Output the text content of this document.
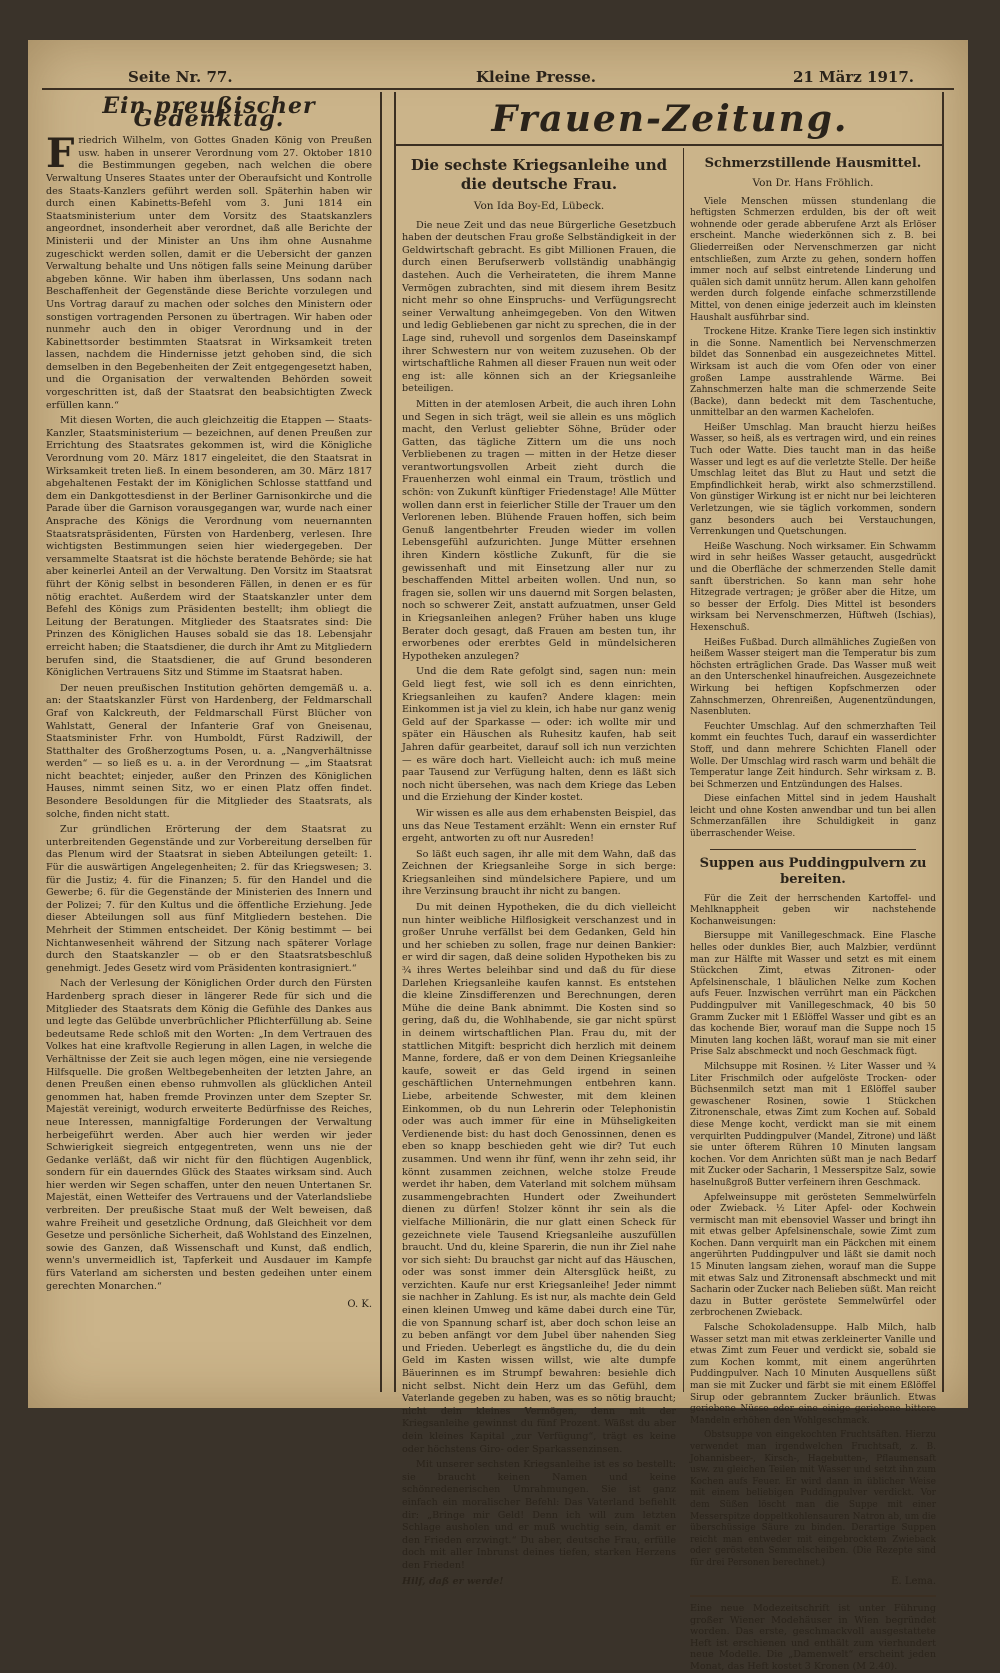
Seite Nr. 77.	Kleine Presse.	21 März 1917.
Frauen-Zeitung.
Ein preußischer Gedenktag.

Friedrich Wilhelm, von Gottes Gnaden König von Preußen usw. haben in unserer Verordnung vom 27. Oktober 1810 die Bestimmungen gegeben, nach welchen die obere Verwaltung Unseres Staates unter der Oberaufsicht und Kontrolle des Staats-Kanzlers geführt werden soll. Späterhin haben wir durch einen Kabinetts-Befehl vom 3. Juni 1814 ein Staatsministerium unter dem Vorsitz des Staatskanzlers angeordnet, insonderheit aber verordnet, daß alle Berichte der Ministerii und der Minister an Uns ihm ohne Ausnahme zugeschickt werden sollen, damit er die Uebersicht der ganzen Verwaltung behalte und Uns nötigen falls seine Meinung darüber abgeben könne. Wir haben ihm überlassen, Uns sodann nach Beschaffenheit der Gegenstände diese Berichte vorzulegen und Uns Vortrag darauf zu machen oder solches den Ministern oder sonstigen vortragenden Personen zu übertragen. Wir haben oder nunmehr auch den in obiger Verordnung und in der Kabinettsorder bestimmten Staatsrat in Wirksamkeit treten lassen, nachdem die Hindernisse jetzt gehoben sind, die sich demselben in den Begebenheiten der Zeit entgegengesetzt haben, und die Organisation der verwaltenden Behörden soweit vorgeschritten ist, daß der Staatsrat den beabsichtigten Zweck erfüllen kann.“

Mit diesen Worten, die auch gleichzeitig die Etappen — Staats-Kanzler, Staatsministerium — bezeichnen, auf denen Preußen zur Errichtung des Staatsrates gekommen ist, wird die Königliche Verordnung vom 20. März 1817 eingeleitet, die den Staatsrat in Wirksamkeit treten ließ. In einem besonderen, am 30. März 1817 abgehaltenen Festakt der im Königlichen Schlosse stattfand und dem ein Dankgottesdienst in der Berliner Garnisonkirche und die Parade über die Garnison vorausgegangen war, wurde nach einer Ansprache des Königs die Verordnung vom neuernannten Staatsratspräsidenten, Fürsten von Hardenberg, verlesen. Ihre wichtigsten Bestimmungen seien hier wiedergegeben. Der versammelte Staatsrat ist die höchste beratende Behörde; sie hat aber keinerlei Anteil an der Verwaltung. Den Vorsitz im Staatsrat führt der König selbst in besonderen Fällen, in denen er es für nötig erachtet. Außerdem wird der Staatskanzler unter dem Befehl des Königs zum Präsidenten bestellt; ihm obliegt die Leitung der Beratungen. Mitglieder des Staatsrates sind: Die Prinzen des Königlichen Hauses sobald sie das 18. Lebensjahr erreicht haben; die Staatsdiener, die durch ihr Amt zu Mitgliedern berufen sind, die Staatsdiener, die auf Grund besonderen Königlichen Vertrauens Sitz und Stimme im Staatsrat haben.

Der neuen preußischen Institution gehörten demgemäß u. a. an: der Staatskanzler Fürst von Hardenberg, der Feldmarschall Graf von Kalckreuth, der Feldmarschall Fürst Blücher von Wahlstatt, General der Infanterie Graf von Gneisenau, Staatsminister Frhr. von Humboldt, Fürst Radziwill, der Statthalter des Großherzogtums Posen, u. a. „Nangverhältnisse werden“ — so ließ es u. a. in der Verordnung — „im Staatsrat nicht beachtet; einjeder, außer den Prinzen des Königlichen Hauses, nimmt seinen Sitz, wo er einen Platz offen findet. Besondere Besoldungen für die Mitglieder des Staatsrats, als solche, finden nicht statt.

Zur gründlichen Erörterung der dem Staatsrat zu unterbreitenden Gegenstände und zur Vorbereitung derselben für das Plenum wird der Staatsrat in sieben Abteilungen geteilt: 1. Für die auswärtigen Angelegenheiten; 2. für das Kriegswesen; 3. für die Justiz; 4. für die Finanzen; 5. für den Handel und die Gewerbe; 6. für die Gegenstände der Ministerien des Innern und der Polizei; 7. für den Kultus und die öffentliche Erziehung. Jede dieser Abteilungen soll aus fünf Mitgliedern bestehen. Die Mehrheit der Stimmen entscheidet. Der König bestimmt — bei Nichtanwesenheit während der Sitzung nach späterer Vorlage durch den Staatskanzler — ob er den Staatsratsbeschluß genehmigt. Jedes Gesetz wird vom Präsidenten kontrasigniert.“

Nach der Verlesung der Königlichen Order durch den Fürsten Hardenberg sprach dieser in längerer Rede für sich und die Mitglieder des Staatsrats dem König die Gefühle des Dankes aus und legte das Gelübde unverbrüchlicher Pflichterfüllung ab. Seine bedeutsame Rede schloß mit den Worten: „In dem Vertrauen des Volkes hat eine kraftvolle Regierung in allen Lagen, in welche die Verhältnisse der Zeit sie auch legen mögen, eine nie versiegende Hilfsquelle. Die großen Weltbegebenheiten der letzten Jahre, an denen Preußen einen ebenso ruhmvollen als glücklichen Anteil genommen hat, haben fremde Provinzen unter dem Szepter Sr. Majestät vereinigt, wodurch erweiterte Bedürfnisse des Reiches, neue Interessen, mannigfaltige Forderungen der Verwaltung herbeigeführt werden. Aber auch hier werden wir jeder Schwierigkeit siegreich entgegentreten, wenn uns nie der Gedanke verläßt, daß wir nicht für den flüchtigen Augenblick, sondern für ein dauerndes Glück des Staates wirksam sind. Auch hier werden wir Segen schaffen, unter den neuen Untertanen Sr. Majestät, einen Wetteifer des Vertrauens und der Vaterlandsliebe verbreiten. Der preußische Staat muß der Welt beweisen, daß wahre Freiheit und gesetzliche Ordnung, daß Gleichheit vor dem Gesetze und persönliche Sicherheit, daß Wohlstand des Einzelnen, sowie des Ganzen, daß Wissenschaft und Kunst, daß endlich, wenn's unvermeidlich ist, Tapferkeit und Ausdauer im Kampfe fürs Vaterland am sichersten und besten gedeihen unter einem gerechten Monarchen.“

O. K.
Die sechste Kriegsanleihe und die deutsche Frau.
Von Ida Boy-Ed, Lübeck.

Die neue Zeit und das neue Bürgerliche Gesetzbuch haben der deutschen Frau große Selbständigkeit in der Geldwirtschaft gebracht. Es gibt Millionen Frauen, die durch einen Berufserwerb vollständig unabhängig dastehen. Auch die Verheirateten, die ihrem Manne Vermögen zubrachten, sind mit diesem ihrem Besitz nicht mehr so ohne Einspruchs- und Verfügungsrecht seiner Verwaltung anheimgegeben. Von den Witwen und ledig Gebliebenen gar nicht zu sprechen, die in der Lage sind, ruhevoll und sorgenlos dem Daseinskampf ihrer Schwestern nur von weitem zuzusehen. Ob der wirtschaftliche Rahmen all dieser Frauen nun weit oder eng ist: alle können sich an der Kriegsanleihe beteiligen.

Mitten in der atemlosen Arbeit, die auch ihren Lohn und Segen in sich trägt, weil sie allein es uns möglich macht, den Verlust geliebter Söhne, Brüder oder Gatten, das tägliche Zittern um die uns noch Verbliebenen zu tragen — mitten in der Hetze dieser verantwortungsvollen Arbeit zieht durch die Frauenherzen wohl einmal ein Traum, tröstlich und schön: von Zukunft künftiger Friedenstage! Alle Mütter wollen dann erst in feierlicher Stille der Trauer um den Verlorenen leben. Blühende Frauen hoffen, sich beim Genuß langentbehrter Freuden wieder im vollen Lebensgefühl aufzurichten. Junge Mütter ersehnen ihren Kindern köstliche Zukunft, für die sie gewissenhaft und mit Einsetzung aller nur zu beschaffenden Mittel arbeiten wollen. Und nun, so fragen sie, sollen wir uns dauernd mit Sorgen belasten, noch so schwerer Zeit, anstatt aufzuatmen, unser Geld in Kriegsanleihen anlegen? Früher haben uns kluge Berater doch gesagt, daß Frauen am besten tun, ihr erworbenes oder ererbtes Geld in mündelsicheren Hypotheken anzulegen?

Und die dem Rate gefolgt sind, sagen nun: mein Geld liegt fest, wie soll ich es denn einrichten, Kriegsanleihen zu kaufen? Andere klagen: mein Einkommen ist ja viel zu klein, ich habe nur ganz wenig Geld auf der Sparkasse — oder: ich wollte mir und später ein Häuschen als Ruhesitz kaufen, hab seit Jahren dafür gearbeitet, darauf soll ich nun verzichten — es wäre doch hart. Vielleicht auch: ich muß meine paar Tausend zur Verfügung halten, denn es läßt sich noch nicht übersehen, was nach dem Kriege das Leben und die Erziehung der Kinder kostet.

Wir wissen es alle aus dem erhabensten Beispiel, das uns das Neue Testament erzählt: Wenn ein ernster Ruf ergeht, antworten zu oft nur Ausreden!

So läßt euch sagen, ihr alle mit dem Wahn, daß das Zeichnen der Kriegsanleihe Sorge in sich berge: Kriegsanleihen sind mündelsichere Papiere, und um ihre Verzinsung braucht ihr nicht zu bangen.

Du mit deinen Hypotheken, die du dich vielleicht nun hinter weibliche Hilflosigkeit verschanzest und in großer Unruhe verfällst bei dem Gedanken, Geld hin und her schieben zu sollen, frage nur deinen Bankier: er wird dir sagen, daß deine soliden Hypotheken bis zu ¾ ihres Wertes beleihbar sind und daß du für diese Darlehen Kriegsanleihe kaufen kannst. Es entstehen die kleine Zinsdifferenzen und Berechnungen, deren Mühe die deine Bank abnimmt. Die Kosten sind so gering, daß du, die Wohlhabende, sie gar nicht spürst in deinem wirtschaftlichen Plan. Frau du, mit der stattlichen Mitgift: bespricht dich herzlich mit deinem Manne, fordere, daß er von dem Deinen Kriegsanleihe kaufe, soweit er das Geld irgend in seinen geschäftlichen Unternehmungen entbehren kann. Liebe, arbeitende Schwester, mit dem kleinen Einkommen, ob du nun Lehrerin oder Telephonistin oder was auch immer für eine in Mühseligkeiten Verdienende bist: du hast doch Genossinnen, denen es eben so knapp beschieden geht wie dir? Tut euch zusammen. Und wenn ihr fünf, wenn ihr zehn seid, ihr könnt zusammen zeichnen, welche stolze Freude werdet ihr haben, dem Vaterland mit solchem mühsam zusammengebrachten Hundert oder Zweihundert dienen zu dürfen! Stolzer könnt ihr sein als die vielfache Millionärin, die nur glatt einen Scheck für gezeichnete viele Tausend Kriegsanleihe auszufüllen braucht. Und du, kleine Sparerin, die nun ihr Ziel nahe vor sich sieht: Du brauchst gar nicht auf das Häuschen, oder was sonst immer dein Altersglück heißt, zu verzichten. Kaufe nur erst Kriegsanleihe! Jeder nimmt sie nachher in Zahlung. Es ist nur, als machte dein Geld einen kleinen Umweg und käme dabei durch eine Tür, die von Spannung scharf ist, aber doch schon leise an zu beben anfängt vor dem Jubel über nahenden Sieg und Frieden. Ueberlegt es ängstliche du, die du dein Geld im Kasten wissen willst, wie alte dumpfe Bäuerinnen es im Strumpf bewahren: besiehle dich nicht selbst. Nicht dein Herz um das Gefühl, dem Vaterlande gegeben zu haben, was es so nötig braucht; nicht dein kleines Vermögen, denn mit der Kriegsanleihe gewinnst du fünf Prozent. Wäßst du aber dein kleines Kapital „zur Verfügung“, trägt es keine oder höchstens Giro- oder Sparkassenzinsen.

Mit unserer sechsten Kriegsanleihe ist es so bestellt: sie braucht keinen Namen und keine schönredenerischen Umrahmungen. Sie ist ganz einfach ein moralischer Befehl: Das Vaterland befiehlt dir: „Bringe mir Geld! Denn ich will zum letzten Schlage ausholen und er muß wuchtig sein, damit er den Frieden erzwingt.“ Du aber, deutsche Frau, erfülle doch mit aller Inbrunst deines tiefen, starken Herzens den Frieden!

Hilf, daß er werde!

Schmerzstillende Hausmittel.
Von Dr. Hans Fröhlich.

Viele Menschen müssen stundenlang die heftigsten Schmerzen erdulden, bis der oft weit wohnende oder gerade abberufene Arzt als Erlöser erscheint. Manche wiederkönnen sich z. B. bei Gliederreißen oder Nervenschmerzen gar nicht entschließen, zum Arzte zu gehen, sondern hoffen immer noch auf selbst eintretende Linderung und quälen sich damit unnütz herum. Allen kann geholfen werden durch folgende einfache schmerzstillende Mittel, von denen einige jederzeit auch im kleinsten Haushalt ausführbar sind.

Trockene Hitze. Kranke Tiere legen sich instinktiv in die Sonne. Namentlich bei Nervenschmerzen bildet das Sonnenbad ein ausgezeichnetes Mittel. Wirksam ist auch die vom Ofen oder von einer großen Lampe ausstrahlende Wärme. Bei Zahnschmerzen halte man die schmerzende Seite (Backe), dann bedeckt mit dem Taschentuche, unmittelbar an den warmen Kachelofen.

Heißer Umschlag. Man braucht hierzu heißes Wasser, so heiß, als es vertragen wird, und ein reines Tuch oder Watte. Dies taucht man in das heiße Wasser und legt es auf die verletzte Stelle. Der heiße Umschlag leitet das Blut zu Haut und setzt die Empfindlichkeit herab, wirkt also schmerzstillend. Von günstiger Wirkung ist er nicht nur bei leichteren Verletzungen, wie sie täglich vorkommen, sondern ganz besonders auch bei Verstauchungen, Verrenkungen und Quetschungen.

Heiße Waschung. Noch wirksamer. Ein Schwamm wird in sehr heißes Wasser getaucht, ausgedrückt und die Oberfläche der schmerzenden Stelle damit sanft überstrichen. So kann man sehr hohe Hitzegrade vertragen; je größer aber die Hitze, um so besser der Erfolg. Dies Mittel ist besonders wirksam bei Nervenschmerzen, Hüftweh (Ischias), Hexenschuß.

Heißes Fußbad. Durch allmähliches Zugießen von heißem Wasser steigert man die Temperatur bis zum höchsten erträglichen Grade. Das Wasser muß weit an den Unterschenkel hinaufreichen. Ausgezeichnete Wirkung bei heftigen Kopfschmerzen oder Zahnschmerzen, Ohrenreißen, Augenentzündungen, Nasenbluten.

Feuchter Umschlag. Auf den schmerzhaften Teil kommt ein feuchtes Tuch, darauf ein wasserdichter Stoff, und dann mehrere Schichten Flanell oder Wolle. Der Umschlag wird rasch warm und behält die Temperatur lange Zeit hindurch. Sehr wirksam z. B. bei Schmerzen und Entzündungen des Halses.

Diese einfachen Mittel sind in jedem Haushalt leicht und ohne Kosten anwendbar und tun bei allen Schmerzanfällen ihre Schuldigkeit in ganz überraschender Weise.

Suppen aus Puddingpulvern zu bereiten.

Für die Zeit der herrschenden Kartoffel- und Mehlknappheit geben wir nachstehende Kochanweisungen:

Biersuppe mit Vanillegeschmack. Eine Flasche helles oder dunkles Bier, auch Malzbier, verdünnt man zur Hälfte mit Wasser und setzt es mit einem Stückchen Zimt, etwas Zitronen- oder Apfelsinenschale, 1 bläulichen Nelke zum Kochen aufs Feuer. Inzwischen verrührt man ein Päckchen Puddingpulver mit Vanillegeschmack, 40 bis 50 Gramm Zucker mit 1 Eßlöffel Wasser und gibt es an das kochende Bier, worauf man die Suppe noch 15 Minuten lang kochen läßt, worauf man sie mit einer Prise Salz abschmeckt und noch Geschmack fügt.

Milchsuppe mit Rosinen. ½ Liter Wasser und ¾ Liter Frischmilch oder aufgelöste Trocken- oder Büchsenmilch setzt man mit 1 Eßlöffel sauber gewaschener Rosinen, sowie 1 Stückchen Zitronenschale, etwas Zimt zum Kochen auf. Sobald diese Menge kocht, verdickt man sie mit einem verquirlten Puddingpulver (Mandel, Zitrone) und läßt sie unter öfterem Rühren 10 Minuten langsam kochen. Vor dem Anrichten süßt man je nach Bedarf mit Zucker oder Sacharin, 1 Messerspitze Salz, sowie haselnußgroß Butter verfeinern ihren Geschmack.

Apfelweinsuppe mit gerösteten Semmelwürfeln oder Zwieback. ½ Liter Apfel- oder Kochwein vermischt man mit ebensoviel Wasser und bringt ihn mit etwas gelber Apfelsinenschale, sowie Zimt zum Kochen. Dann verquirlt man ein Päckchen mit einem angerührten Puddingpulver und läßt sie damit noch 15 Minuten langsam ziehen, worauf man die Suppe mit etwas Salz und Zitronensaft abschmeckt und mit Sacharin oder Zucker nach Belieben süßt. Man reicht dazu in Butter geröstete Semmelwürfel oder zerbrochenen Zwieback.

Falsche Schokoladensuppe. Halb Milch, halb Wasser setzt man mit etwas zerkleinerter Vanille und etwas Zimt zum Feuer und verdickt sie, sobald sie zum Kochen kommt, mit einem angerührten Puddingpulver. Nach 10 Minuten Ausquellens süßt man sie mit Zucker und färbt sie mit einem Eßlöffel Sirup oder gebranntem Zucker bräunlich. Etwas geriebene Nüsse oder eine einige geriebene bittere Mandeln erhöhen den Wohlgeschmack.

Obstsuppe von eingekochten Fruchtsäften. Hierzu verwendet man irgendwelchen Fruchtsaft, z. B. Johannisbeer-, Kirsch-, Hagebutten-, Pflaumensaft usw. zu gleichen Teilen mit Wasser und setzt ihn zum Kochen aufs Feuer. Er wird dann in üblicher Weise mit einem beliebigen Puddingpulver verdickt. Vor dem Süßen löscht man die Suppe mit einer Messerspitze doppeltkohlensauren Natron ab, um die überschüssige Säure zu binden. Derartige Suppen reicht man entweder mit eingebrocktem Zwieback oder gerösteten Semmelscheiben. (Die Rezepte sind für drei Personen berechnet.)

E. Lema.
Eine neue Modezeitschrift ist unter Führung großer Wiener Modehäuser in Wien begründet worden. Das erste, geschmackvoll ausgestattete Heft ist erschienen und enthält zum vierhundert neue Modelle. Die „Damenwelt“ erscheint jeden Monat, das Heft kostet 3 Kronen (M 2.40).
